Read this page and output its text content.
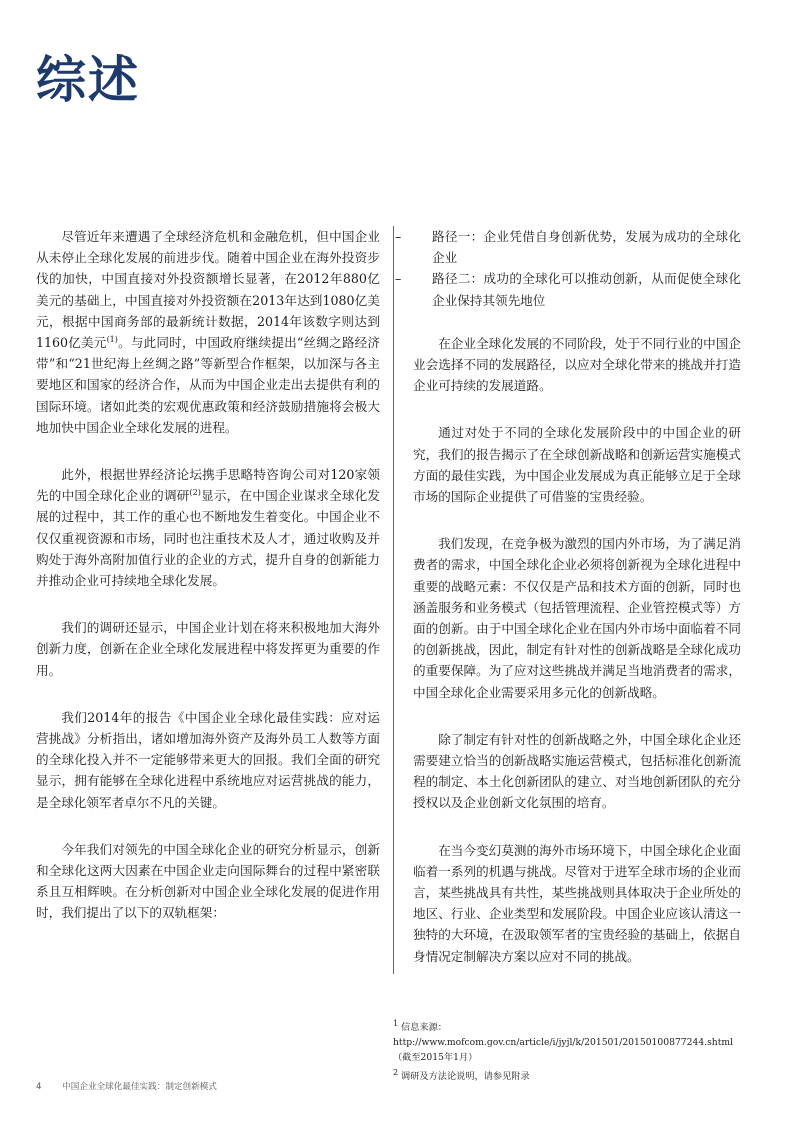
综述

尽管近年来遭遇了全球经济危机和金融危机，但中国企业从未停止全球化发展的前进步伐。随着中国企业在海外投资步伐的加快，中国直接对外投资额增长显著，在2012年880亿美元的基础上，中国直接对外投资额在2013年达到1080亿美元，根据中国商务部的最新统计数据，2014年该数字则达到1160亿美元$^{(1)}$。与此同时，中国政府继续提出“丝绸之路经济带”和“21世纪海上丝绸之路”等新型合作框架，以加深与各主要地区和国家的经济合作，从而为中国企业走出去提供有利的国际环境。诸如此类的宏观优惠政策和经济鼓励措施将会极大地加快中国企业全球化发展的进程。

此外，根据世界经济论坛携手思略特咨询公司对120家领先的中国全球化企业的调研$^{(2)}$显示，在中国企业谋求全球化发展的过程中，其工作的重心也不断地发生着变化。中国企业不仅仅重视资源和市场，同时也注重技术及人才，通过收购及并购处于海外高附加值行业的企业的方式，提升自身的创新能力并推动企业可持续地全球化发展。

我们的调研还显示，中国企业计划在将来积极地加大海外创新力度，创新在企业全球化发展进程中将发挥更为重要的作用。

我们2014年的报告《中国企业全球化最佳实践：应对运营挑战》分析指出，诸如增加海外资产及海外员工人数等方面的全球化投入并不一定能够带来更大的回报。我们全面的研究显示，拥有能够在全球化进程中系统地应对运营挑战的能力，是全球化领军者卓尔不凡的关键。

今年我们对领先的中国全球化企业的研究分析显示，创新和全球化这两大因素在中国企业走向国际舞台的过程中紧密联系且互相辉映。在分析创新对中国企业全球化发展的促进作用时，我们提出了以下的双轨框架：

– 路径一：企业凭借自身创新优势，发展为成功的全球化企业
– 路径二：成功的全球化可以推动创新，从而促使全球化企业保持其领先地位

在企业全球化发展的不同阶段，处于不同行业的中国企业会选择不同的发展路径，以应对全球化带来的挑战并打造企业可持续的发展道路。

通过对处于不同的全球化发展阶段中的中国企业的研究，我们的报告揭示了在全球创新战略和创新运营实施模式方面的最佳实践，为中国企业发展成为真正能够立足于全球市场的国际企业提供了可借鉴的宝贵经验。

我们发现，在竞争极为激烈的国内外市场，为了满足消费者的需求，中国全球化企业必须将创新视为全球化进程中重要的战略元素：不仅仅是产品和技术方面的创新，同时也涵盖服务和业务模式（包括管理流程、企业管控模式等）方面的创新。由于中国全球化企业在国内外市场中面临着不同的创新挑战，因此，制定有针对性的创新战略是全球化成功的重要保障。为了应对这些挑战并满足当地消费者的需求，中国全球化企业需要采用多元化的创新战略。

除了制定有针对性的创新战略之外，中国全球化企业还需要建立恰当的创新战略实施运营模式，包括标准化创新流程的制定、本土化创新团队的建立、对当地创新团队的充分授权以及企业创新文化氛围的培育。

在当今变幻莫测的海外市场环境下，中国全球化企业面临着一系列的机遇与挑战。尽管对于进军全球市场的企业而言，某些挑战具有共性，某些挑战则具体取决于企业所处的地区、行业、企业类型和发展阶段。中国企业应该认清这一独特的大环境，在汲取领军者的宝贵经验的基础上，依据自身情况定制解决方案以应对不同的挑战。

$^1$ 信息来源：http://www.mofcom.gov.cn/article/i/jyjl/k/201501/20150100877244.shtml（截至2015年1月）
$^2$ 调研及方法论说明，请参见附录
4 中国企业全球化最佳实践：制定创新模式
